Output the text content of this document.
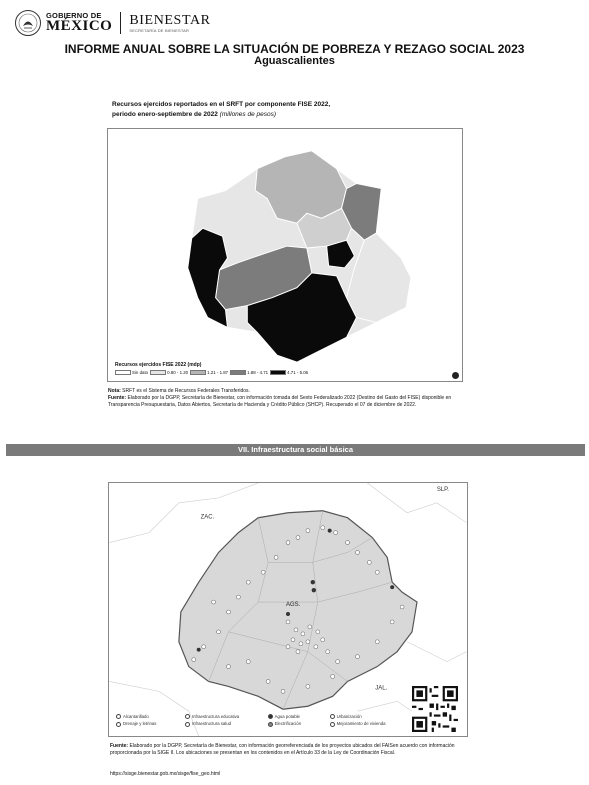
GOBIERNO DE
MÉXICO BIENESTAR
SECRETARÍA DE BIENESTAR
INFORME ANUAL SOBRE LA SITUACIÓN DE POBREZA Y REZAGO SOCIAL 2023
Aguascalientes
Recursos ejercidos reportados en el SRFT por componente FISE 2022,
periodo enero-septiembre de 2022 (millones de pesos)
Recursos ejercidos FISE 2022 (mdp)
Sin dato	0.80 - 1.20	1.21 - 1.87	1.88 - 4.71	4.71 - 5.06
Nota: SRFT es el Sistema de Recursos Federales Transferidos.
Fuente: Elaborado por la DGPP, Secretaría de Bienestar, con información tomada del Sexto Federalizado 2022 (Destino del Gasto del FISE) disponible en Transparencia Presupuestaria, Datos Abiertos, Secretaría de Hacienda y Crédito Público (SHCP). Recuperado el 07 de diciembre de 2022.
VII. Infraestructura social básica
SLP.
ZAC.
AGS.
JAL.
Alcantarillado	Infraestructura educativa	Agua potable	Urbanización
Drenaje y letrinas	Infraestructura salud	Electrificación	Mejoramiento de vivienda
Fuente: Elaborado por la DGPP, Secretaría de Bienestar, con información georreferenciada de los proyectos ubicados del FAISen acuerdo con información proporcionada por la SIGE II. Los ubicaciones se presentan en los contenidos en el Artículo 33 de la Ley de Coordinación Fiscal.
https://sisge.bienestar.gob.mx/sisge/fise_geo.html
